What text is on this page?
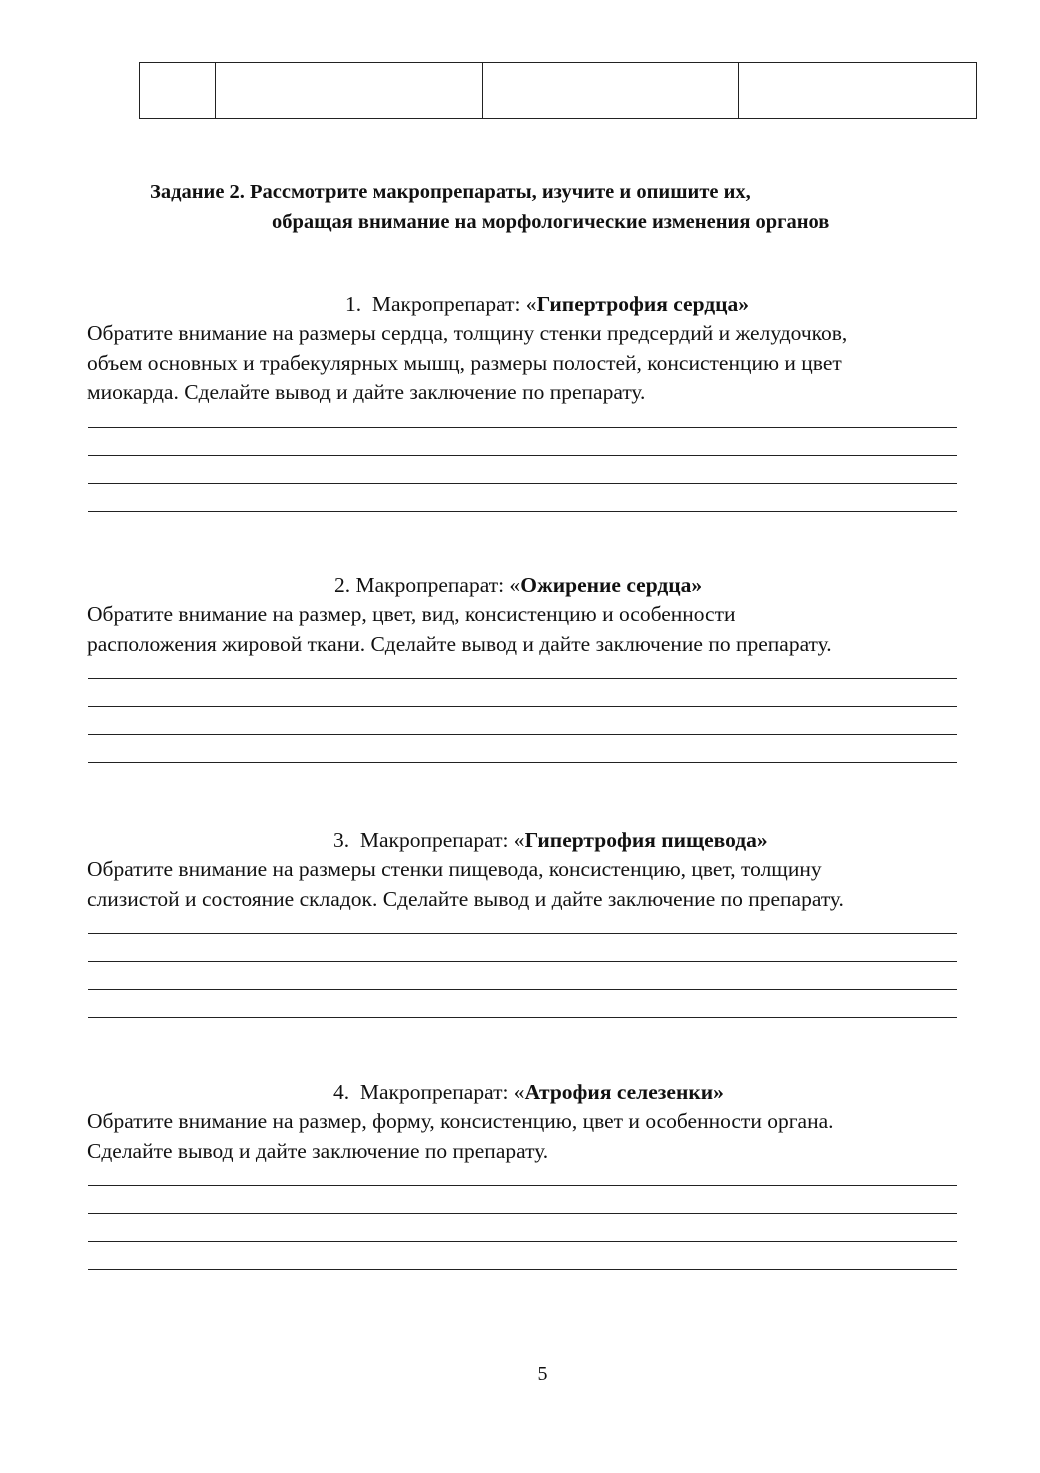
Задание 2. Рассмотрите макропрепараты, изучите и опишите их,
обращая внимание на морфологические изменения органов
1. Макропрепарат: «Гипертрофия сердца»
Обратите внимание на размеры сердца, толщину стенки предсердий и желудочков,
объем основных и трабекулярных мышц, размеры полостей, консистенцию и цвет
миокарда. Сделайте вывод и дайте заключение по препарату.
2. Макропрепарат: «Ожирение сердца»
Обратите внимание на размер, цвет, вид, консистенцию и особенности
расположения жировой ткани. Сделайте вывод и дайте заключение по препарату.
3. Макропрепарат: «Гипертрофия пищевода»
Обратите внимание на размеры стенки пищевода, консистенцию, цвет, толщину
слизистой и состояние складок. Сделайте вывод и дайте заключение по препарату.
4. Макропрепарат: «Атрофия селезенки»
Обратите внимание на размер, форму, консистенцию, цвет и особенности органа.
Сделайте вывод и дайте заключение по препарату.
5
